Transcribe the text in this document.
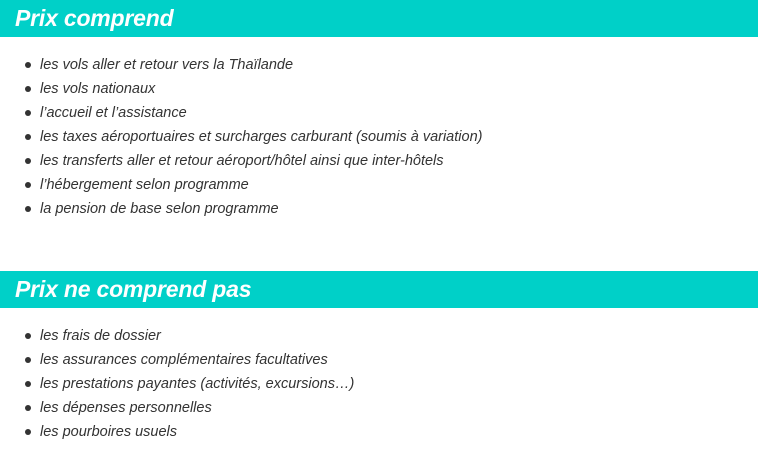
Prix comprend
les vols aller et retour vers la Thaïlande
les vols nationaux
l’accueil et l’assistance
les taxes aéroportuaires et surcharges carburant (soumis à variation)
les transferts aller et retour aéroport/hôtel ainsi que inter-hôtels
l’hébergement selon programme
la pension de base selon programme
Prix ne comprend pas
les frais de dossier
les assurances complémentaires facultatives
les prestations payantes (activités, excursions…)
les dépenses personnelles
les pourboires usuels
